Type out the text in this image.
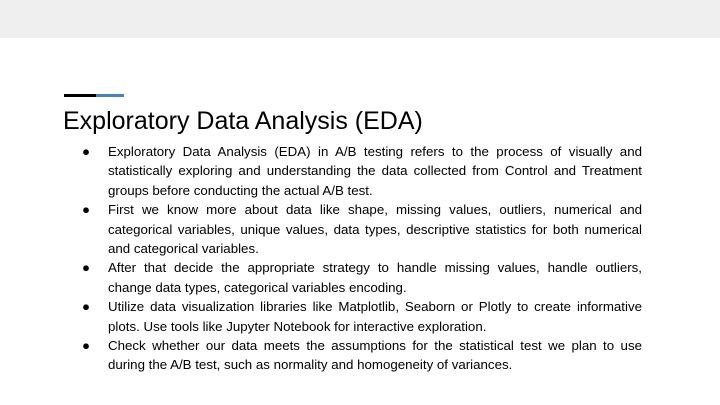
Exploratory Data Analysis (EDA)
● Exploratory Data Analysis (EDA) in A/B testing refers to the process of visually and statistically exploring and understanding the data collected from Control and Treatment groups before conducting the actual A/B test.
● First we know more about data like shape, missing values, outliers, numerical and categorical variables, unique values, data types, descriptive statistics for both numerical and categorical variables.
● After that decide the appropriate strategy to handle missing values, handle outliers, change data types, categorical variables encoding.
● Utilize data visualization libraries like Matplotlib, Seaborn or Plotly to create informative plots. Use tools like Jupyter Notebook for interactive exploration.
● Check whether our data meets the assumptions for the statistical test we plan to use during the A/B test, such as normality and homogeneity of variances.
